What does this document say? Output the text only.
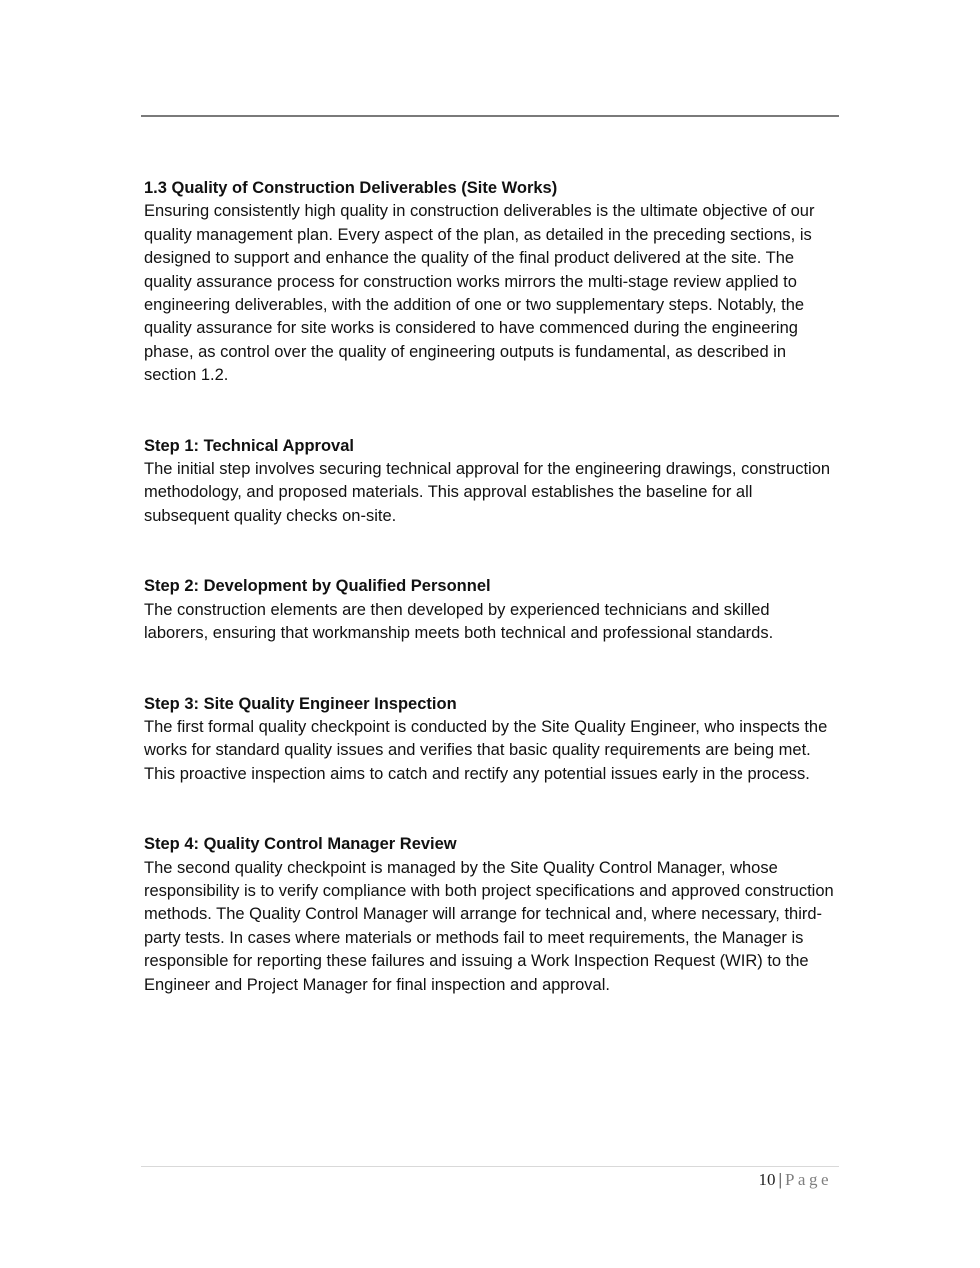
1.3 Quality of Construction Deliverables (Site Works)

Ensuring consistently high quality in construction deliverables is the ultimate objective of our quality management plan. Every aspect of the plan, as detailed in the preceding sections, is designed to support and enhance the quality of the final product delivered at the site. The quality assurance process for construction works mirrors the multi-stage review applied to engineering deliverables, with the addition of one or two supplementary steps. Notably, the quality assurance for site works is considered to have commenced during the engineering phase, as control over the quality of engineering outputs is fundamental, as described in section 1.2.

Step 1: Technical Approval

The initial step involves securing technical approval for the engineering drawings, construction methodology, and proposed materials. This approval establishes the baseline for all subsequent quality checks on-site.

Step 2: Development by Qualified Personnel

The construction elements are then developed by experienced technicians and skilled laborers, ensuring that workmanship meets both technical and professional standards.

Step 3: Site Quality Engineer Inspection

The first formal quality checkpoint is conducted by the Site Quality Engineer, who inspects the works for standard quality issues and verifies that basic quality requirements are being met. This proactive inspection aims to catch and rectify any potential issues early in the process.

Step 4: Quality Control Manager Review

The second quality checkpoint is managed by the Site Quality Control Manager, whose responsibility is to verify compliance with both project specifications and approved construction methods. The Quality Control Manager will arrange for technical and, where necessary, third-party tests. In cases where materials or methods fail to meet requirements, the Manager is responsible for reporting these failures and issuing a Work Inspection Request (WIR) to the Engineer and Project Manager for final inspection and approval.

10 | Page
